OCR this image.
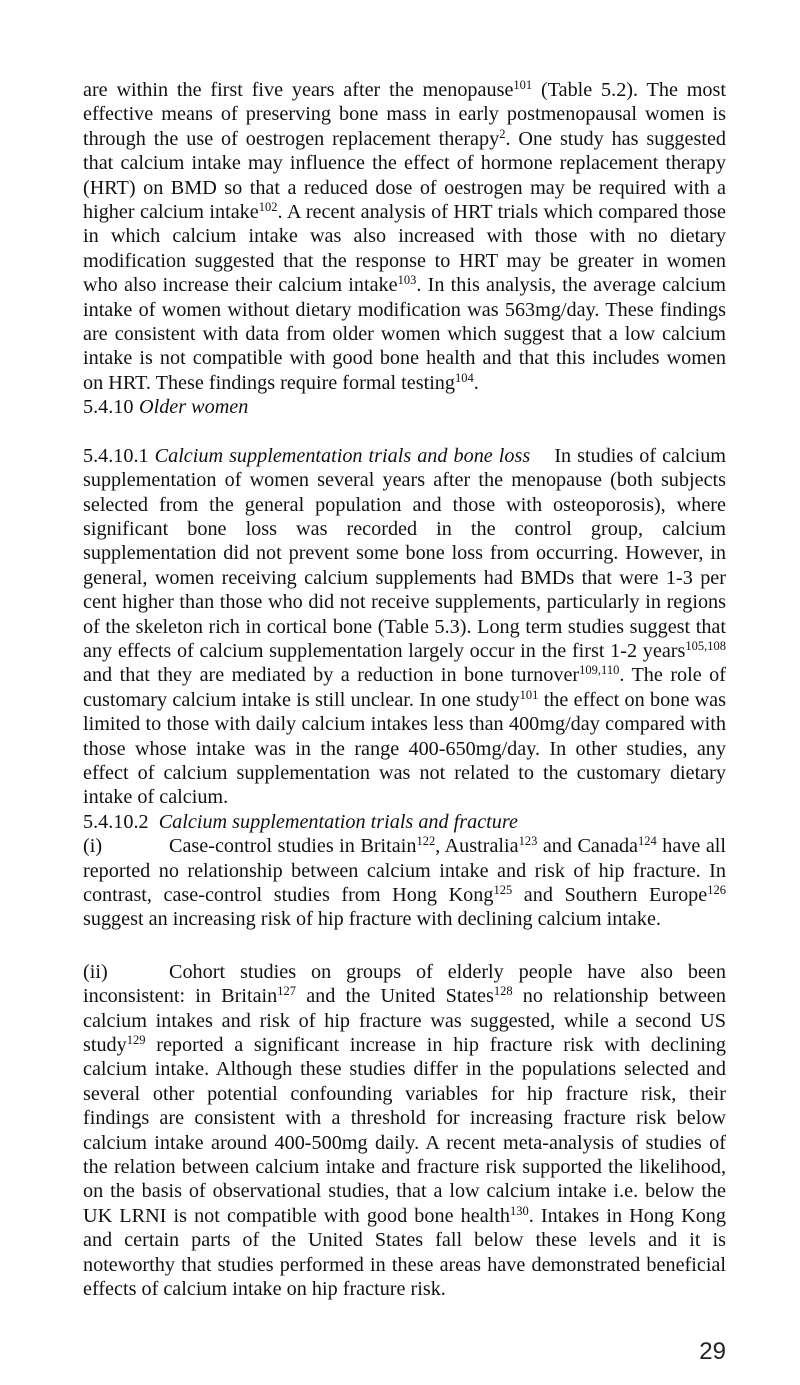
are within the first five years after the menopause$^{101}$ (Table 5.2). The most effective means of preserving bone mass in early postmenopausal women is through the use of oestrogen replacement therapy$^2$. One study has suggested that calcium intake may influence the effect of hormone replacement therapy (HRT) on BMD so that a reduced dose of oestrogen may be required with a higher calcium intake$^{102}$. A recent analysis of HRT trials which compared those in which calcium intake was also increased with those with no dietary modification suggested that the response to HRT may be greater in women who also increase their calcium intake$^{103}$. In this analysis, the average calcium intake of women without dietary modification was 563mg/day. These findings are consistent with data from older women which suggest that a low calcium intake is not compatible with good bone health and that this includes women on HRT. These findings require formal testing$^{104}$.

5.4.10 Older women

5.4.10.1 Calcium supplementation trials and bone loss In studies of calcium supplementation of women several years after the menopause (both subjects selected from the general population and those with osteoporosis), where significant bone loss was recorded in the control group, calcium supplementation did not prevent some bone loss from occurring. However, in general, women receiving calcium supplements had BMDs that were 1-3 per cent higher than those who did not receive supplements, particularly in regions of the skeleton rich in cortical bone (Table 5.3). Long term studies suggest that any effects of calcium supplementation largely occur in the first 1-2 years$^{105,108}$ and that they are mediated by a reduction in bone turnover$^{109,110}$. The role of customary calcium intake is still unclear. In one study$^{101}$ the effect on bone was limited to those with daily calcium intakes less than 400mg/day compared with those whose intake was in the range 400-650mg/day. In other studies, any effect of calcium supplementation was not related to the customary dietary intake of calcium.

5.4.10.2 Calcium supplementation trials and fracture

(i)	Case-control studies in Britain$^{122}$, Australia$^{123}$ and Canada$^{124}$ have all reported no relationship between calcium intake and risk of hip fracture. In contrast, case-control studies from Hong Kong$^{125}$ and Southern Europe$^{126}$ suggest an increasing risk of hip fracture with declining calcium intake.

(ii)	Cohort studies on groups of elderly people have also been inconsistent: in Britain$^{127}$ and the United States$^{128}$ no relationship between calcium intakes and risk of hip fracture was suggested, while a second US study$^{129}$ reported a significant increase in hip fracture risk with declining calcium intake. Although these studies differ in the populations selected and several other potential confounding variables for hip fracture risk, their findings are consistent with a threshold for increasing fracture risk below calcium intake around 400-500mg daily. A recent meta-analysis of studies of the relation between calcium intake and fracture risk supported the likelihood, on the basis of observational studies, that a low calcium intake i.e. below the UK LRNI is not compatible with good bone health$^{130}$. Intakes in Hong Kong and certain parts of the United States fall below these levels and it is noteworthy that studies performed in these areas have demonstrated beneficial effects of calcium intake on hip fracture risk.

29
